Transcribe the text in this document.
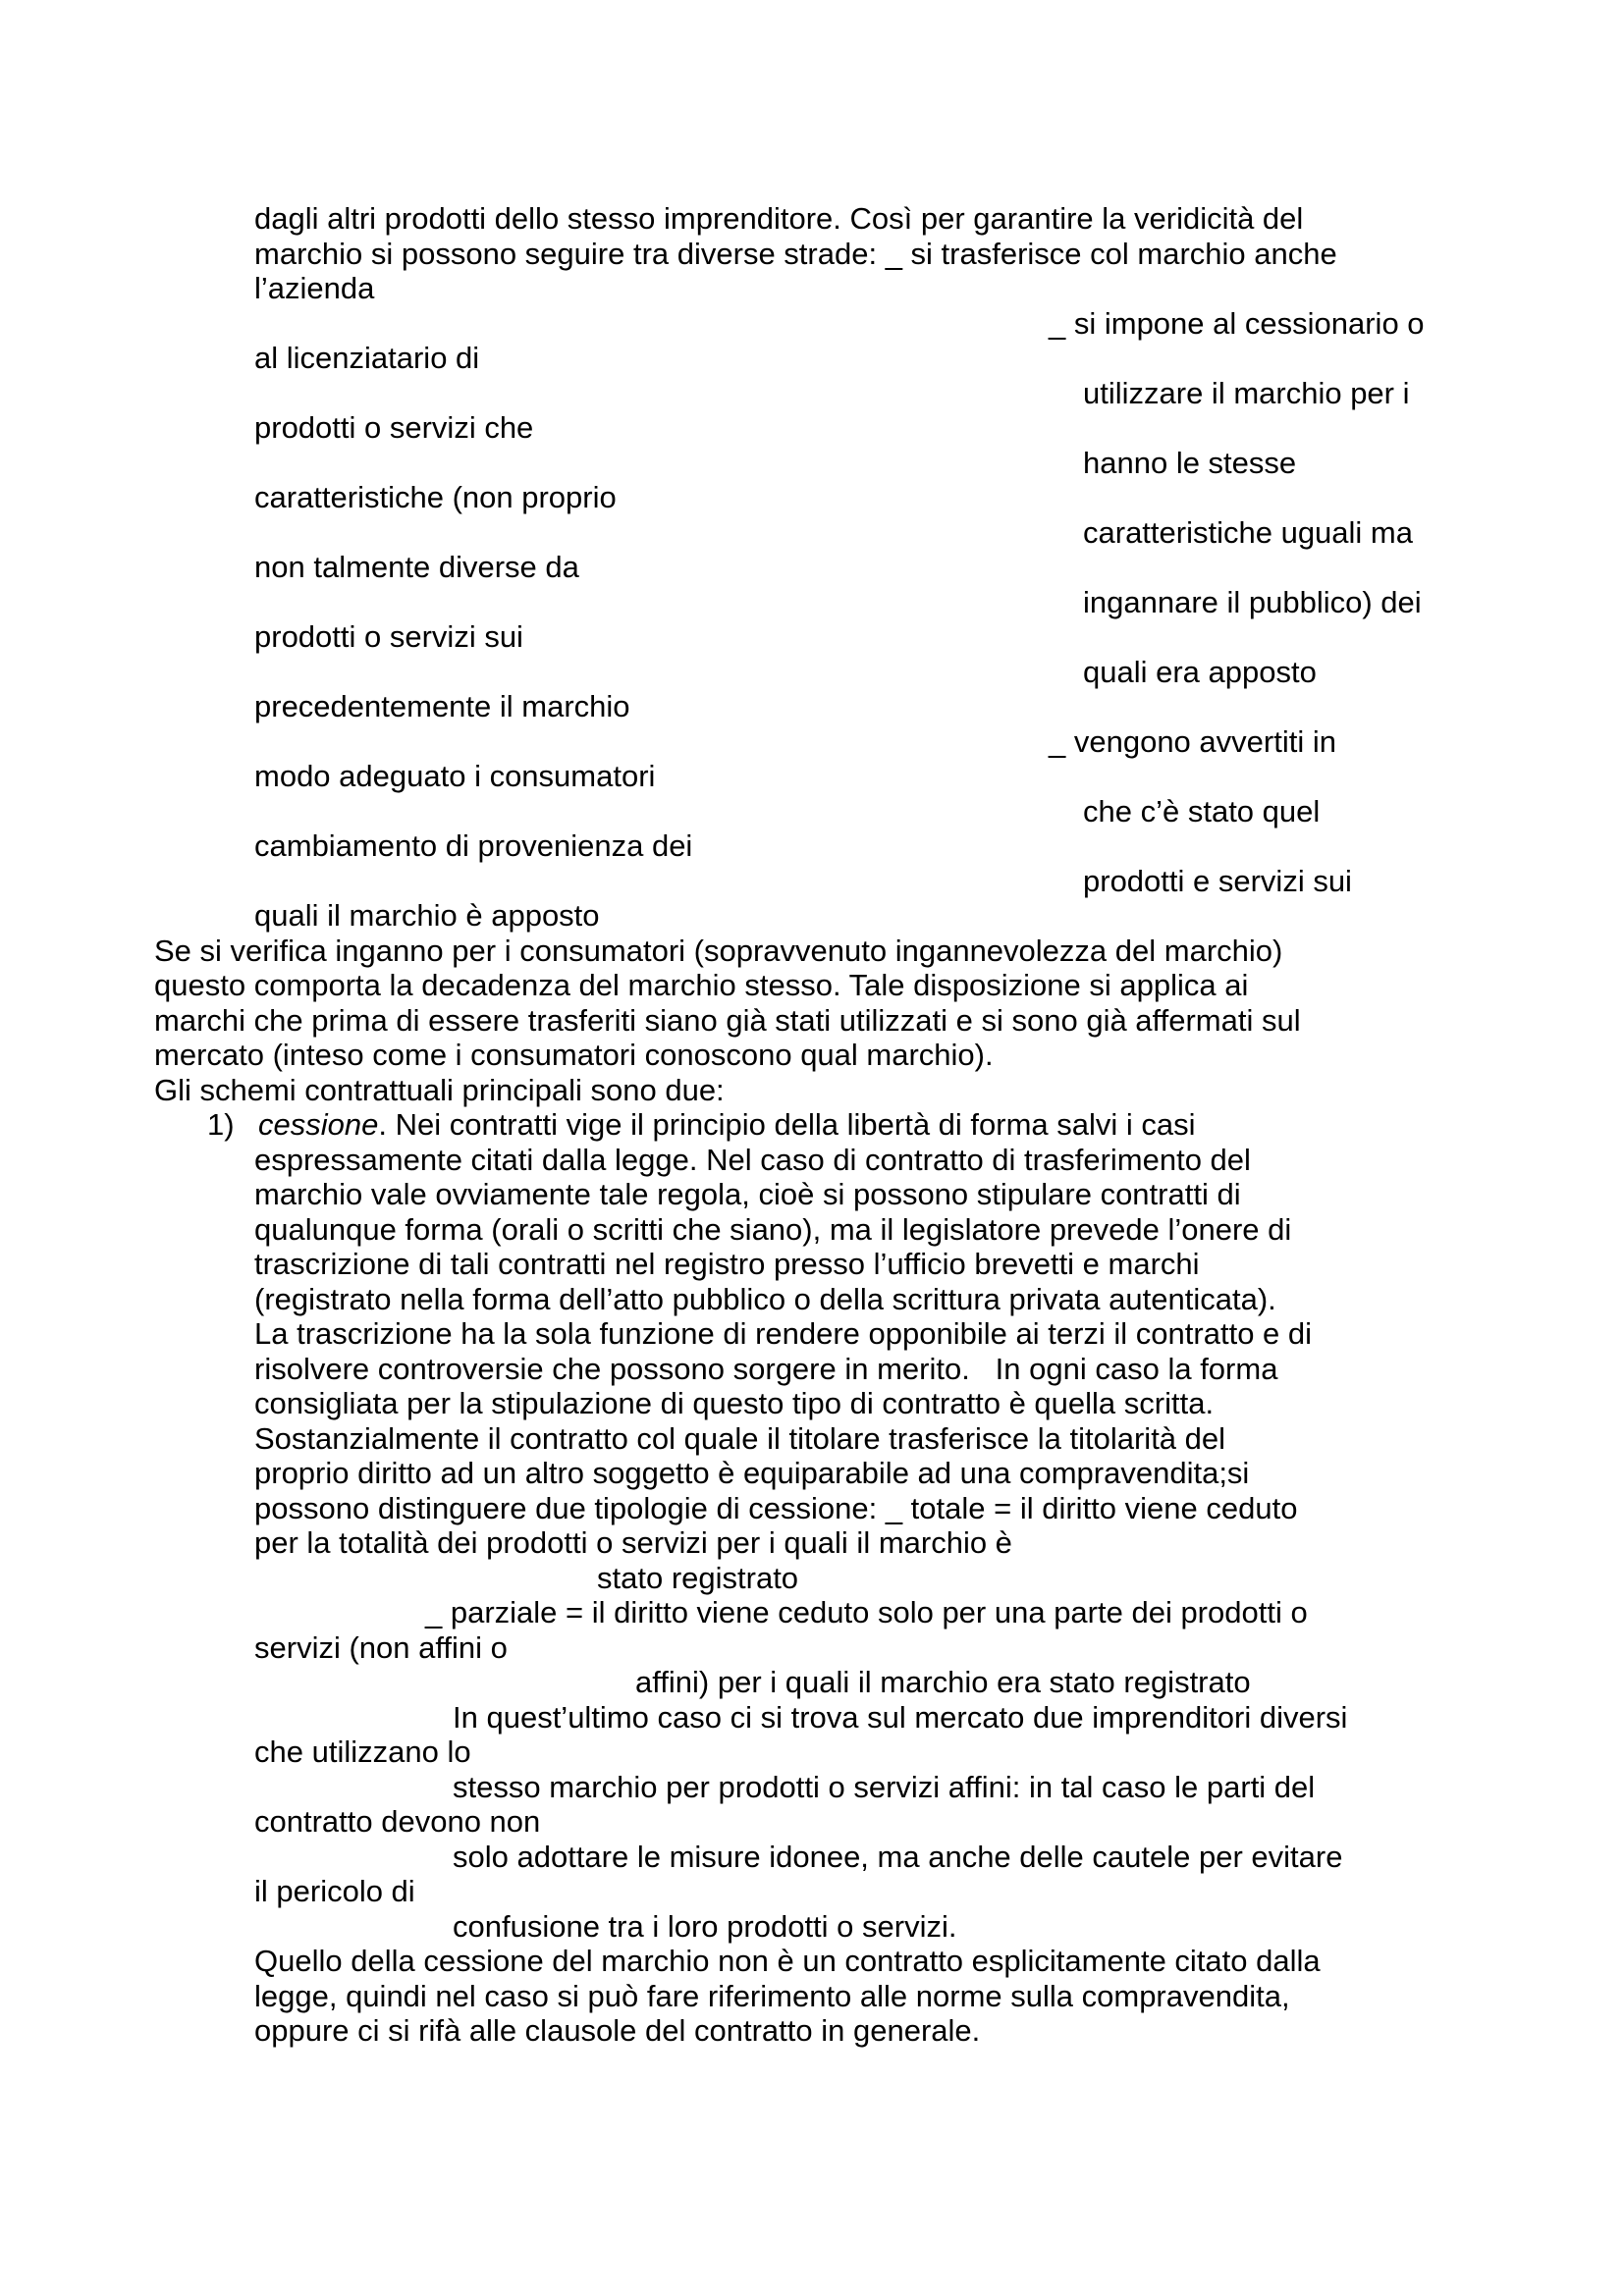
dagli altri prodotti dello stesso imprenditore. Così per garantire la veridicità del
marchio si possono seguire tra diverse strade: _ si trasferisce col marchio anche
l’azienda
_ si impone al cessionario o
al licenziatario di
utilizzare il marchio per i
prodotti o servizi che
hanno le stesse
caratteristiche (non proprio
caratteristiche uguali ma
non talmente diverse da
ingannare il pubblico) dei
prodotti o servizi sui
quali era apposto
precedentemente il marchio
_ vengono avvertiti in
modo adeguato i consumatori
che c’è stato quel
cambiamento di provenienza dei
prodotti e servizi sui
quali il marchio è apposto
Se si verifica inganno per i consumatori (sopravvenuto ingannevolezza del marchio)
questo comporta la decadenza del marchio stesso. Tale disposizione si applica ai
marchi che prima di essere trasferiti siano già stati utilizzati e si sono già affermati sul
mercato (inteso come i consumatori conoscono qual marchio).
Gli schemi contrattuali principali sono due:
1) cessione. Nei contratti vige il principio della libertà di forma salvi i casi
espressamente citati dalla legge. Nel caso di contratto di trasferimento del
marchio vale ovviamente tale regola, cioè si possono stipulare contratti di
qualunque forma (orali o scritti che siano), ma il legislatore prevede l’onere di
trascrizione di tali contratti nel registro presso l’ufficio brevetti e marchi
(registrato nella forma dell’atto pubblico o della scrittura privata autenticata).
La trascrizione ha la sola funzione di rendere opponibile ai terzi il contratto e di
risolvere controversie che possono sorgere in merito.   In ogni caso la forma
consigliata per la stipulazione di questo tipo di contratto è quella scritta.
Sostanzialmente il contratto col quale il titolare trasferisce la titolarità del
proprio diritto ad un altro soggetto è equiparabile ad una compravendita;si
possono distinguere due tipologie di cessione: _ totale = il diritto viene ceduto
per la totalità dei prodotti o servizi per i quali il marchio è
stato registrato
_ parziale = il diritto viene ceduto solo per una parte dei prodotti o
servizi (non affini o
affini) per i quali il marchio era stato registrato
In quest’ultimo caso ci si trova sul mercato due imprenditori diversi
che utilizzano lo
stesso marchio per prodotti o servizi affini: in tal caso le parti del
contratto devono non
solo adottare le misure idonee, ma anche delle cautele per evitare
il pericolo di
confusione tra i loro prodotti o servizi.
Quello della cessione del marchio non è un contratto esplicitamente citato dalla
legge, quindi nel caso si può fare riferimento alle norme sulla compravendita,
oppure ci si rifà alle clausole del contratto in generale.
